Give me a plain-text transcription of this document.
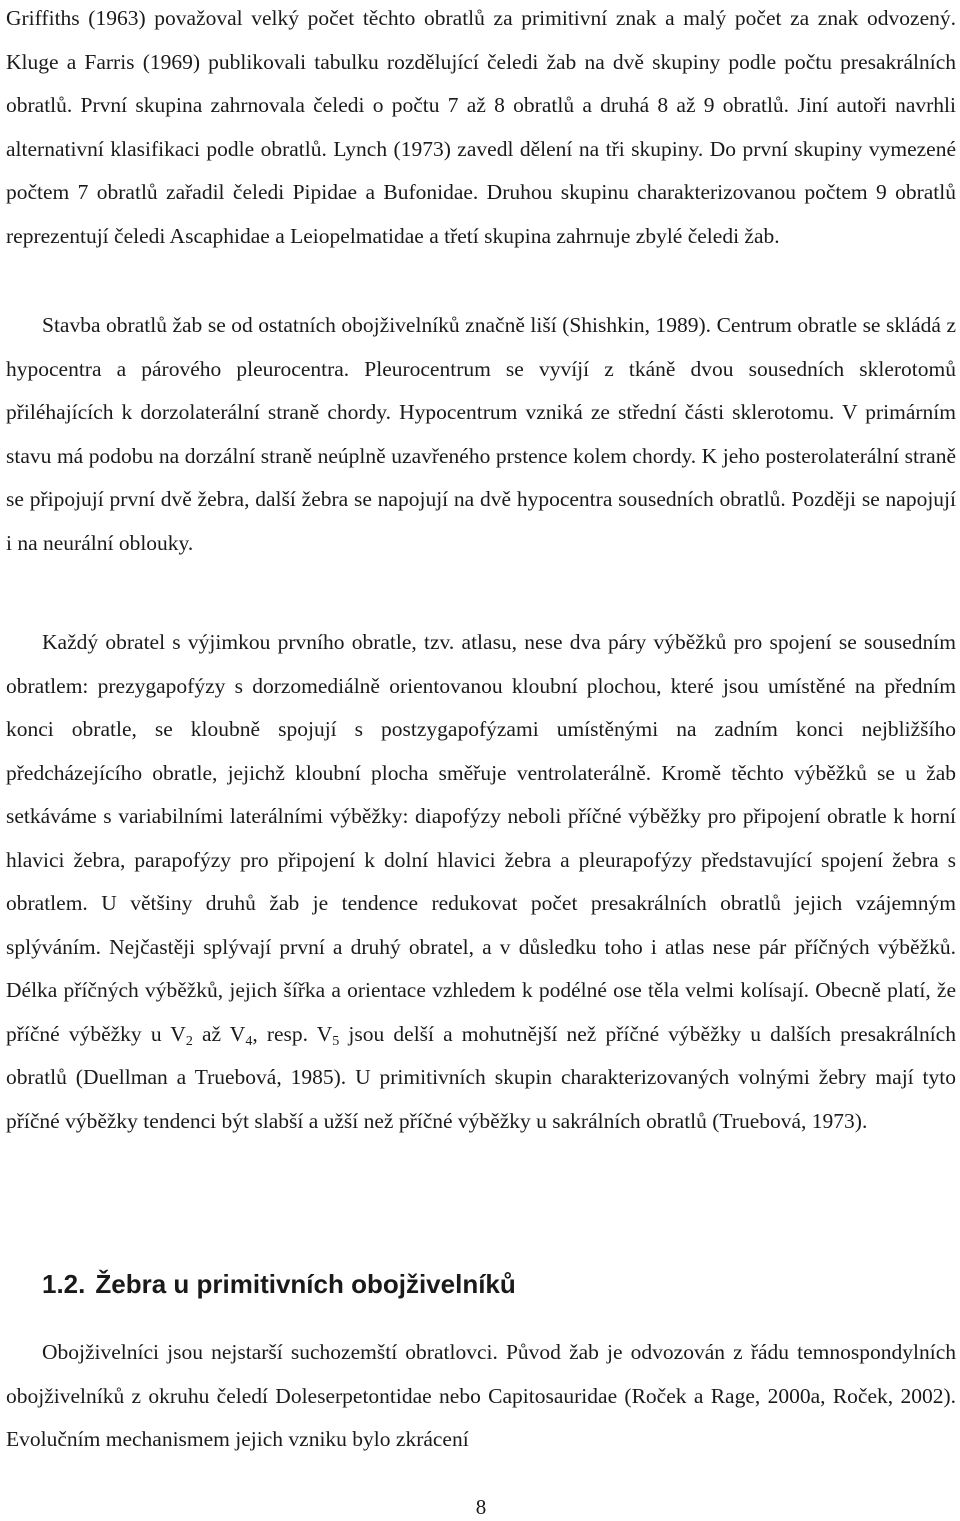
Griffiths (1963) považoval velký počet těchto obratlů za primitivní znak a malý počet za znak odvozený. Kluge a Farris (1969) publikovali tabulku rozdělující čeledi žab na dvě skupiny podle počtu presakrálních obratlů. První skupina zahrnovala čeledi o počtu 7 až 8 obratlů a druhá 8 až 9 obratlů. Jiní autoři navrhli alternativní klasifikaci podle obratlů. Lynch (1973) zavedl dělení na tři skupiny. Do první skupiny vymezené počtem 7 obratlů zařadil čeledi Pipidae a Bufonidae. Druhou skupinu charakterizovanou počtem 9 obratlů reprezentují čeledi Ascaphidae a Leiopelmatidae a třetí skupina zahrnuje zbylé čeledi žab.

Stavba obratlů žab se od ostatních obojživelníků značně liší (Shishkin, 1989). Centrum obratle se skládá z hypocentra a párového pleurocentra. Pleurocentrum se vyvíjí z tkáně dvou sousedních sklerotomů přiléhajících k dorzolaterální straně chordy. Hypocentrum vzniká ze střední části sklerotomu. V primárním stavu má podobu na dorzální straně neúplně uzavřeného prstence kolem chordy. K jeho posterolaterální straně se připojují první dvě žebra, další žebra se napojují na dvě hypocentra sousedních obratlů. Později se napojují i na neurální oblouky.

Každý obratel s výjimkou prvního obratle, tzv. atlasu, nese dva páry výběžků pro spojení se sousedním obratlem: prezygapofýzy s dorzomediálně orientovanou kloubní plochou, které jsou umístěné na předním konci obratle, se kloubně spojují s postzygapofýzami umístěnými na zadním konci nejbližšího předcházejícího obratle, jejichž kloubní plocha směřuje ventrolaterálně. Kromě těchto výběžků se u žab setkáváme s variabilními laterálními výběžky: diapofýzy neboli příčné výběžky pro připojení obratle k horní hlavici žebra, parapofýzy pro připojení k dolní hlavici žebra a pleurapofýzy představující spojení žebra s obratlem. U většiny druhů žab je tendence redukovat počet presakrálních obratlů jejich vzájemným splýváním. Nejčastěji splývají první a druhý obratel, a v důsledku toho i atlas nese pár příčných výběžků. Délka příčných výběžků, jejich šířka a orientace vzhledem k podélné ose těla velmi kolísají. Obecně platí, že příčné výběžky u $V_2$ až $V_4$, resp. $V_5$ jsou delší a mohutnější než příčné výběžky u dalších presakrálních obratlů (Duellman a Truebová, 1985). U primitivních skupin charakterizovaných volnými žebry mají tyto příčné výběžky tendenci být slabší a užší než příčné výběžky u sakrálních obratlů (Truebová, 1973).

1.2. Žebra u primitivních obojživelníků

Obojživelníci jsou nejstarší suchozemští obratlovci. Původ žab je odvozován z řádu temnospondylních obojživelníků z okruhu čeledí Doleserpetontidae nebo Capitosauridae (Roček a Rage, 2000a, Roček, 2002). Evolučním mechanismem jejich vzniku bylo zkrácení

8
